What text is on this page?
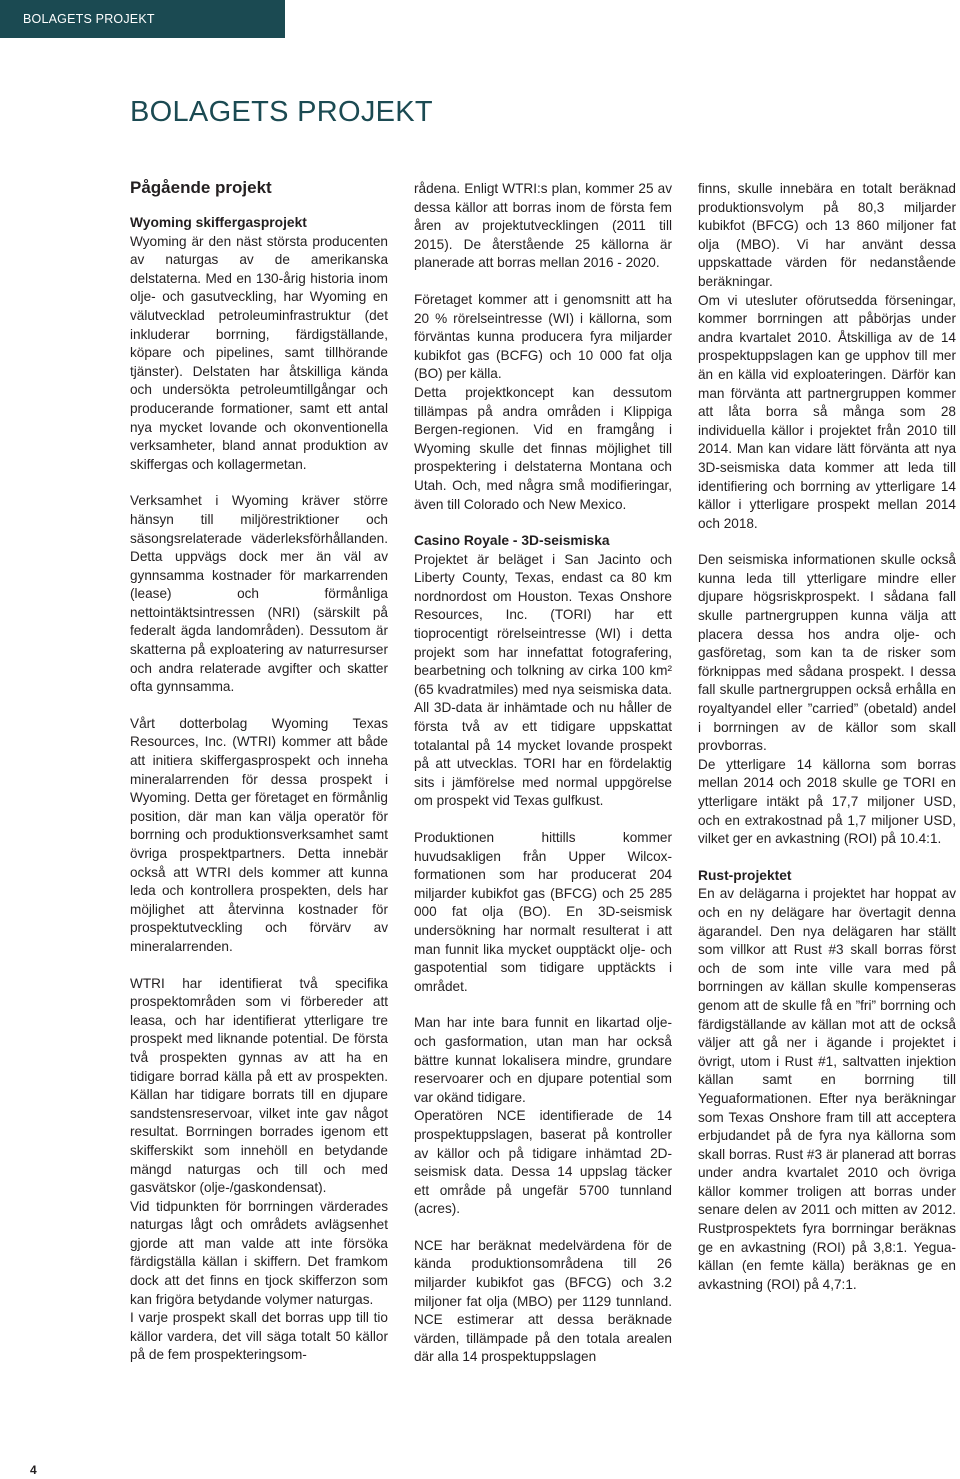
BOLAGETS PROJEKT
BOLAGETS PROJEKT
Pågående projekt
Wyoming skiffergasprojekt

Wyoming är den näst största producenten av naturgas av de amerikanska delstaterna. Med en 130-årig historia inom olje- och gasutveckling, har Wyoming en välutvecklad petroleuminfrastruktur (det inkluderar borrning, färdigställande, köpare och pipelines, samt tillhörande tjänster). Delstaten har åtskilliga kända och undersökta petroleumtillgångar och producerande formationer, samt ett antal nya mycket lovande och okonventionella verksamheter, bland annat produktion av skiffergas och kollagermetan.

Verksamhet i Wyoming kräver större hänsyn till miljörestriktioner och säsongsrelaterade väderleksförhållanden. Detta uppvägs dock mer än väl av gynnsamma kostnader för markarrenden (lease) och förmånliga nettointäktsintressen (NRI) (särskilt på federalt ägda landområden). Dessutom är skatterna på exploatering av naturresurser och andra relaterade avgifter och skatter ofta gynnsamma.

Vårt dotterbolag Wyoming Texas Resources, Inc. (WTRI) kommer att både att initiera skiffergasprospekt och inneha mineralarrenden för dessa prospekt i Wyoming. Detta ger företaget en förmånlig position, där man kan välja operatör för borrning och produktionsverksamhet samt övriga prospektpartners. Detta innebär också att WTRI dels kommer att kunna leda och kontrollera prospekten, dels har möjlighet att återvinna kostnader för prospektutveckling och förvärv av mineralarrenden.

WTRI har identifierat två specifika prospektområden som vi förbereder att leasa, och har identifierat ytterligare tre prospekt med liknande potential. De första två prospekten gynnas av att ha en tidigare borrad källa på ett av prospekten. Källan har tidigare borrats till en djupare sandstensreservoar, vilket inte gav något resultat. Borrningen borrades igenom ett skifferskikt som innehöll en betydande mängd naturgas och till och med gasvätskor (olje-/gaskondensat).

Vid tidpunkten för borrningen värderades naturgas lågt och områdets avlägsenhet gjorde att man valde att inte försöka färdigställa källan i skiffern. Det framkom dock att det finns en tjock skifferzon som kan frigöra betydande volymer naturgas.

I varje prospekt skall det borras upp till tio källor vardera, det vill säga totalt 50 källor på de fem prospekteringsom-

rådena. Enligt WTRI:s plan, kommer 25 av dessa källor att borras inom de första fem åren av projektutvecklingen (2011 till 2015). De återstående 25 källorna är planerade att borras mellan 2016 - 2020.

Företaget kommer att i genomsnitt att ha 20 % rörelseintresse (WI) i källorna, som förväntas kunna producera fyra miljarder kubikfot gas (BCFG) och 10 000 fat olja (BO) per källa.

Detta projektkoncept kan dessutom tillämpas på andra områden i Klippiga Bergen-regionen. Vid en framgång i Wyoming skulle det finnas möjlighet till prospektering i delstaterna Montana och Utah. Och, med några små modifieringar, även till Colorado och New Mexico.

Casino Royale - 3D-seismiska

Projektet är beläget i San Jacinto och Liberty County, Texas, endast ca 80 km nordnordost om Houston. Texas Onshore Resources, Inc. (TORI) har ett tioprocentigt rörelseintresse (WI) i detta projekt som har innefattat fotografering, bearbetning och tolkning av cirka 100 km² (65 kvadratmiles) med nya seismiska data. All 3D-data är inhämtade och nu håller de första två av ett tidigare uppskattat totalantal på 14 mycket lovande prospekt på att utvecklas. TORI har en fördelaktig sits i jämförelse med normal uppgörelse om prospekt vid Texas gulfkust.

Produktionen hittills kommer huvudsakligen från Upper Wilcox-formationen som har producerat 204 miljarder kubikfot gas (BFCG) och 25 285 000 fat olja (BO). En 3D-seismisk undersökning har normalt resulterat i att man funnit lika mycket oupptäckt olje- och gaspotential som tidigare upptäckts i området.

Man har inte bara funnit en likartad olje- och gasformation, utan man har också bättre kunnat lokalisera mindre, grundare reservoarer och en djupare potential som var okänd tidigare.

Operatören NCE identifierade de 14 prospektuppslagen, baserat på kontroller av källor och på tidigare inhämtad 2D-seismisk data. Dessa 14 uppslag täcker ett område på ungefär 5700 tunnland (acres).

NCE har beräknat medelvärdena för de kända produktionsområdena till 26 miljarder kubikfot gas (BFCG) och 3.2 miljoner fat olja (MBO) per 1129 tunnland. NCE estimerar att dessa beräknade värden, tillämpade på den totala arealen där alla 14 prospektuppslagen

finns, skulle innebära en totalt beräknad produktionsvolym på 80,3 miljarder kubikfot (BFCG) och 13 860 miljoner fat olja (MBO). Vi har använt dessa uppskattade värden för nedanstående beräkningar.

Om vi utesluter oförutsedda förseningar, kommer borrningen att påbörjas under andra kvartalet 2010. Åtskilliga av de 14 prospektuppslagen kan ge upphov till mer än en källa vid exploateringen. Därför kan man förvänta att partnergruppen kommer att låta borra så många som 28 individuella källor i projektet från 2010 till 2014. Man kan vidare lätt förvänta att nya 3D-seismiska data kommer att leda till identifiering och borrning av ytterligare 14 källor i ytterligare prospekt mellan 2014 och 2018.

Den seismiska informationen skulle också kunna leda till ytterligare mindre eller djupare högsriskprospekt. I sådana fall skulle partnergruppen kunna välja att placera dessa hos andra olje- och gasföretag, som kan ta de risker som förknippas med sådana prospekt. I dessa fall skulle partnergruppen också erhålla en royaltyandel eller ”carried” (obetald) andel i borrningen av de källor som skall provborras.

De ytterligare 14 källorna som borras mellan 2014 och 2018 skulle ge TORI en ytterligare intäkt på 17,7 miljoner USD, och en extrakostnad på 1,7 miljoner USD, vilket ger en avkastning (ROI) på 10.4:1.

Rust-projektet

En av delägarna i projektet har hoppat av och en ny delägare har övertagit denna ägarandel. Den nya delägaren har ställt som villkor att Rust #3 skall borras först och de som inte ville vara med på borrningen av källan skulle kompenseras genom att de skulle få en ”fri” borrning och färdigställande av källan mot att de också väljer att gå ner i ägande i projektet i övrigt, utom i Rust #1, saltvatten injektion källan samt en borrning till Yeguaformationen. Efter nya beräkningar som Texas Onshore fram till att acceptera erbjudandet på de fyra nya källorna som skall borras. Rust #3 är planerad att borras under andra kvartalet 2010 och övriga källor kommer troligen att borras under senare delen av 2011 och mitten av 2012. Rustprospektets fyra borrningar beräknas ge en avkastning (ROI) på 3,8:1. Yegua-källan (en femte källa) beräknas ge en avkastning (ROI) på 4,7:1.

4
